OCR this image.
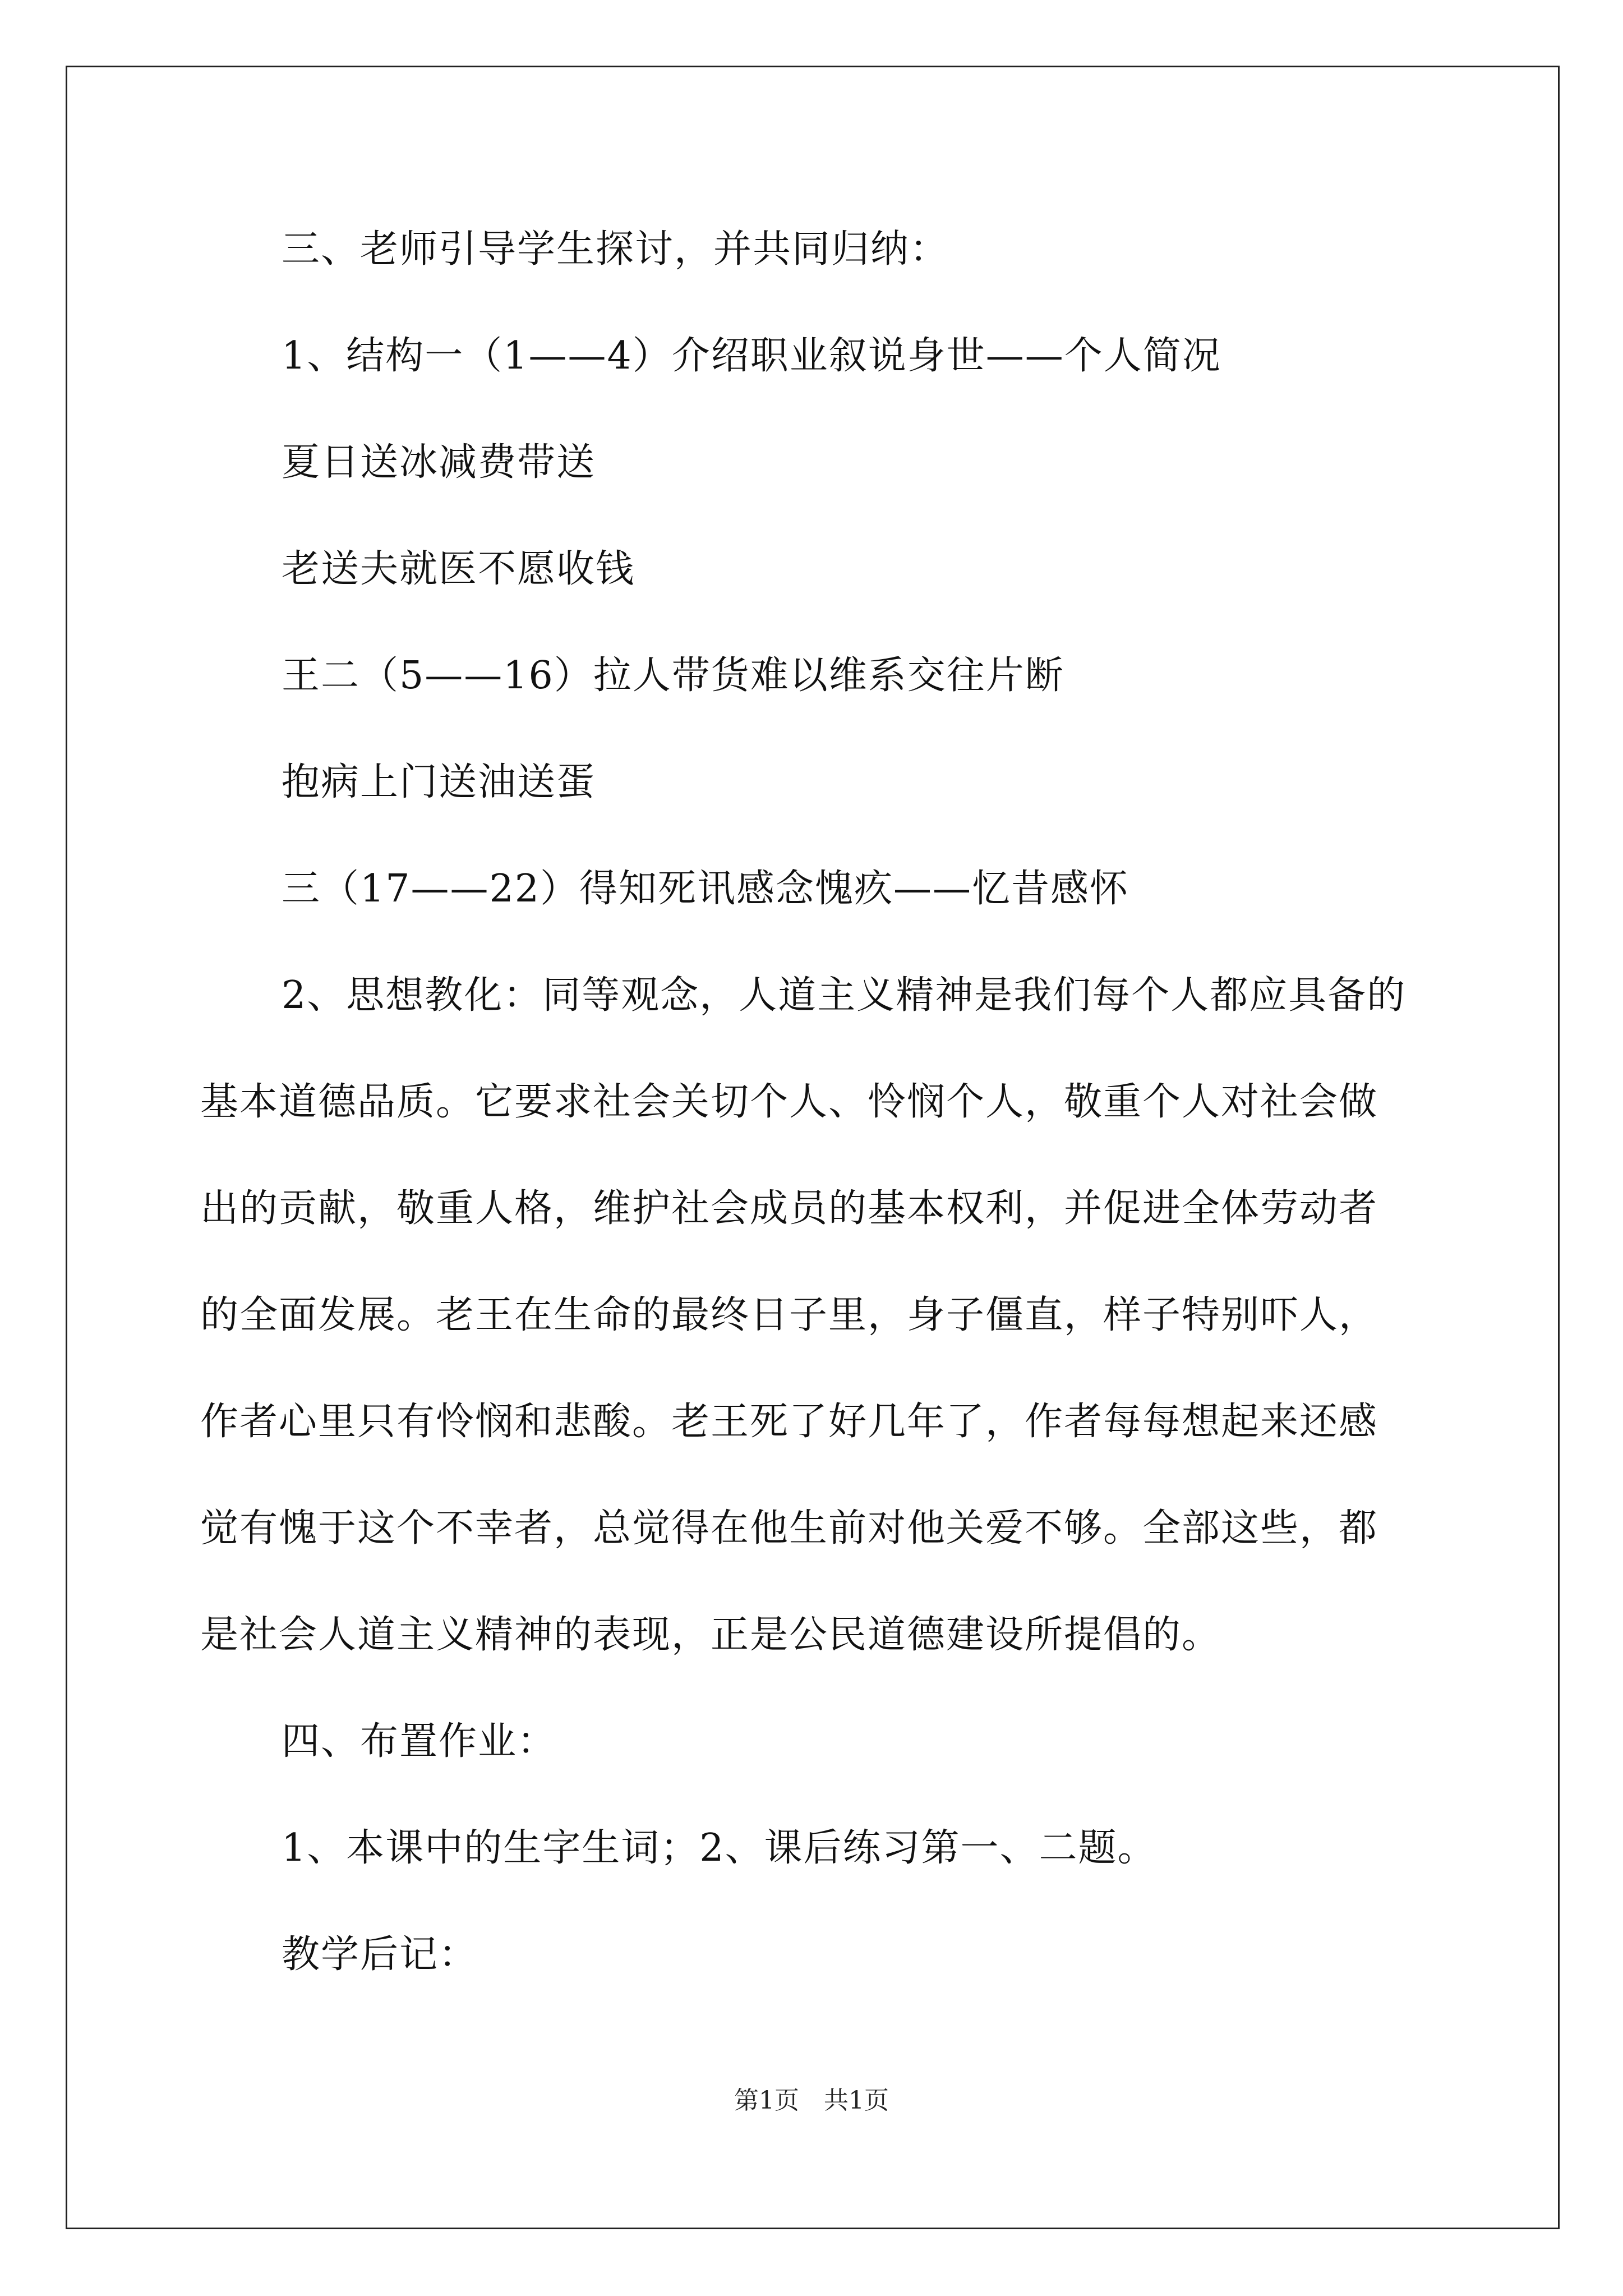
三、老师引导学生探讨，并共同归纳：
1、结构一（1——4）介绍职业叙说身世——个人简况
夏日送冰减费带送
老送夫就医不愿收钱
王二（5——16）拉人带货难以维系交往片断
抱病上门送油送蛋
三（17——22）得知死讯感念愧疚——忆昔感怀
2、思想教化：同等观念，人道主义精神是我们每个人都应具备的
基本道德品质。它要求社会关切个人、怜悯个人，敬重个人对社会做
出的贡献，敬重人格，维护社会成员的基本权利，并促进全体劳动者
的全面发展。老王在生命的最终日子里，身子僵直，样子特别吓人，
作者心里只有怜悯和悲酸。老王死了好几年了，作者每每想起来还感
觉有愧于这个不幸者，总觉得在他生前对他关爱不够。全部这些，都
是社会人道主义精神的表现，正是公民道德建设所提倡的。
四、布置作业：
1、本课中的生字生词；2、课后练习第一、二题。
教学后记：
第1页　共1页
